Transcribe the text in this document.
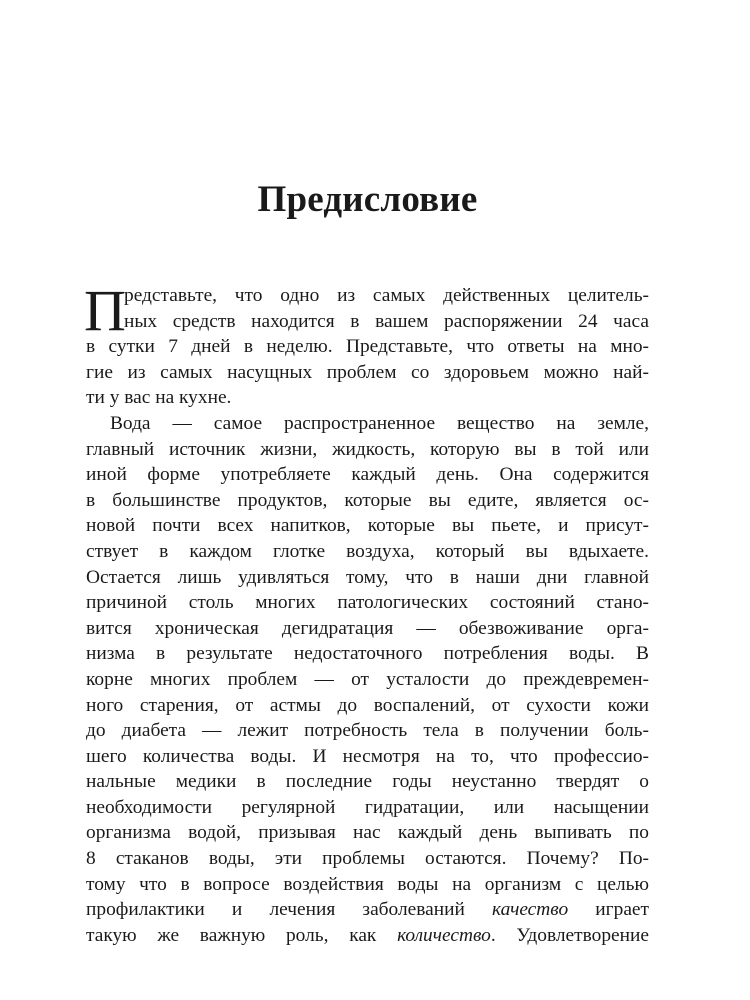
Предисловие
П
редставьте, что одно из самых действенных целитель-
ных средств находится в вашем распоряжении 24 часа
в сутки 7 дней в неделю. Представьте, что ответы на мно-
гие из самых насущных проблем со здоровьем можно най-
ти у вас на кухне.
Вода — самое распространенное вещество на земле,
главный источник жизни, жидкость, которую вы в той или
иной форме употребляете каждый день. Она содержится
в большинстве продуктов, которые вы едите, является ос-
новой почти всех напитков, которые вы пьете, и присут-
ствует в каждом глотке воздуха, который вы вдыхаете.
Остается лишь удивляться тому, что в наши дни главной
причиной столь многих патологических состояний стано-
вится хроническая дегидратация — обезвоживание орга-
низма в результате недостаточного потребления воды. В
корне многих проблем — от усталости до преждевремен-
ного старения, от астмы до воспалений, от сухости кожи
до диабета — лежит потребность тела в получении боль-
шего количества воды. И несмотря на то, что профессио-
нальные медики в последние годы неустанно твердят о
необходимости регулярной гидратации, или насыщении
организма водой, призывая нас каждый день выпивать по
8 стаканов воды, эти проблемы остаются. Почему? По-
тому что в вопросе воздействия воды на организм с целью
профилактики и лечения заболеваний качество играет
такую же важную роль, как количество. Удовлетворение
